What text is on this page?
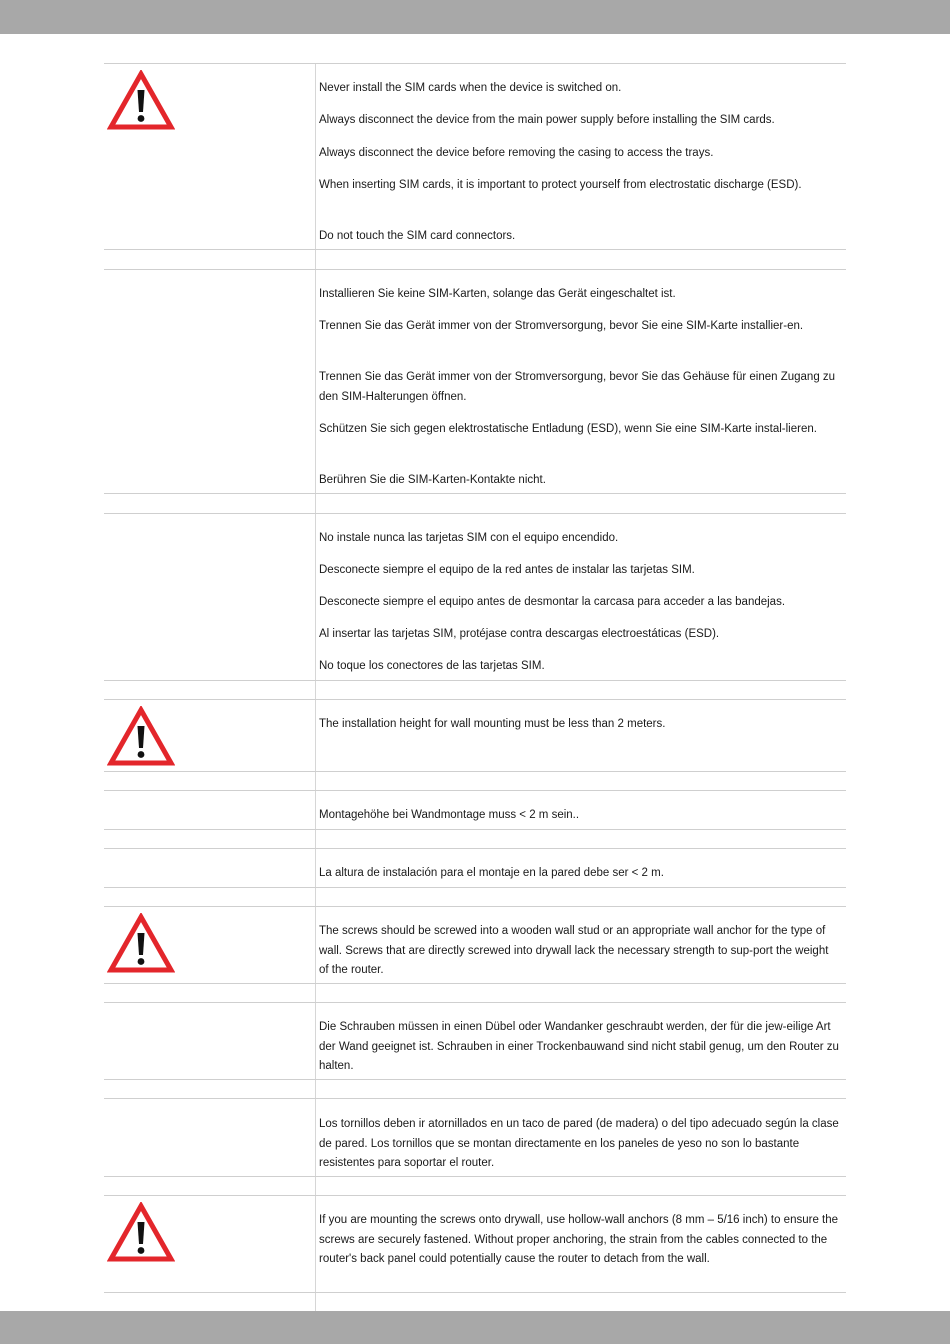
Never install the SIM cards when the device is switched on.

Always disconnect the device from the main power supply before installing the SIM cards.

Always disconnect the device before removing the casing to access the trays.

When inserting SIM cards, it is important to protect yourself from electrostatic discharge (ESD).

Do not touch the SIM card connectors.

Installieren Sie keine SIM-Karten, solange das Gerät eingeschaltet ist.

Trennen Sie das Gerät immer von der Stromversorgung, bevor Sie eine SIM-Karte installier-en.

Trennen Sie das Gerät immer von der Stromversorgung, bevor Sie das Gehäuse für einen Zugang zu den SIM-Halterungen öffnen.

Schützen Sie sich gegen elektrostatische Entladung (ESD), wenn Sie eine SIM-Karte instal-lieren.

Berühren Sie die SIM-Karten-Kontakte nicht.

No instale nunca las tarjetas SIM con el equipo encendido.

Desconecte siempre el equipo de la red antes de instalar las tarjetas SIM.

Desconecte siempre el equipo antes de desmontar la carcasa para acceder a las bandejas.

Al insertar las tarjetas SIM, protéjase contra descargas electroestáticas (ESD).

No toque los conectores de las tarjetas SIM.

The installation height for wall mounting must be less than 2 meters.

Montagehöhe bei Wandmontage muss < 2 m sein..

La altura de instalación para el montaje en la pared debe ser < 2 m.

The screws should be screwed into a wooden wall stud or an appropriate wall anchor for the type of wall. Screws that are directly screwed into drywall lack the necessary strength to sup-port the weight of the router.

Die Schrauben müssen in einen Dübel oder Wandanker geschraubt werden, der für die jew-eilige Art der Wand geeignet ist. Schrauben in einer Trockenbauwand sind nicht stabil genug, um den Router zu halten.

Los tornillos deben ir atornillados en un taco de pared (de madera) o del tipo adecuado según la clase de pared. Los tornillos que se montan directamente en los paneles de yeso no son lo bastante resistentes para soportar el router.

If you are mounting the screws onto drywall, use hollow-wall anchors (8 mm – 5/16 inch) to ensure the screws are securely fastened. Without proper anchoring, the strain from the cables connected to the router's back panel could potentially cause the router to detach from the wall.
